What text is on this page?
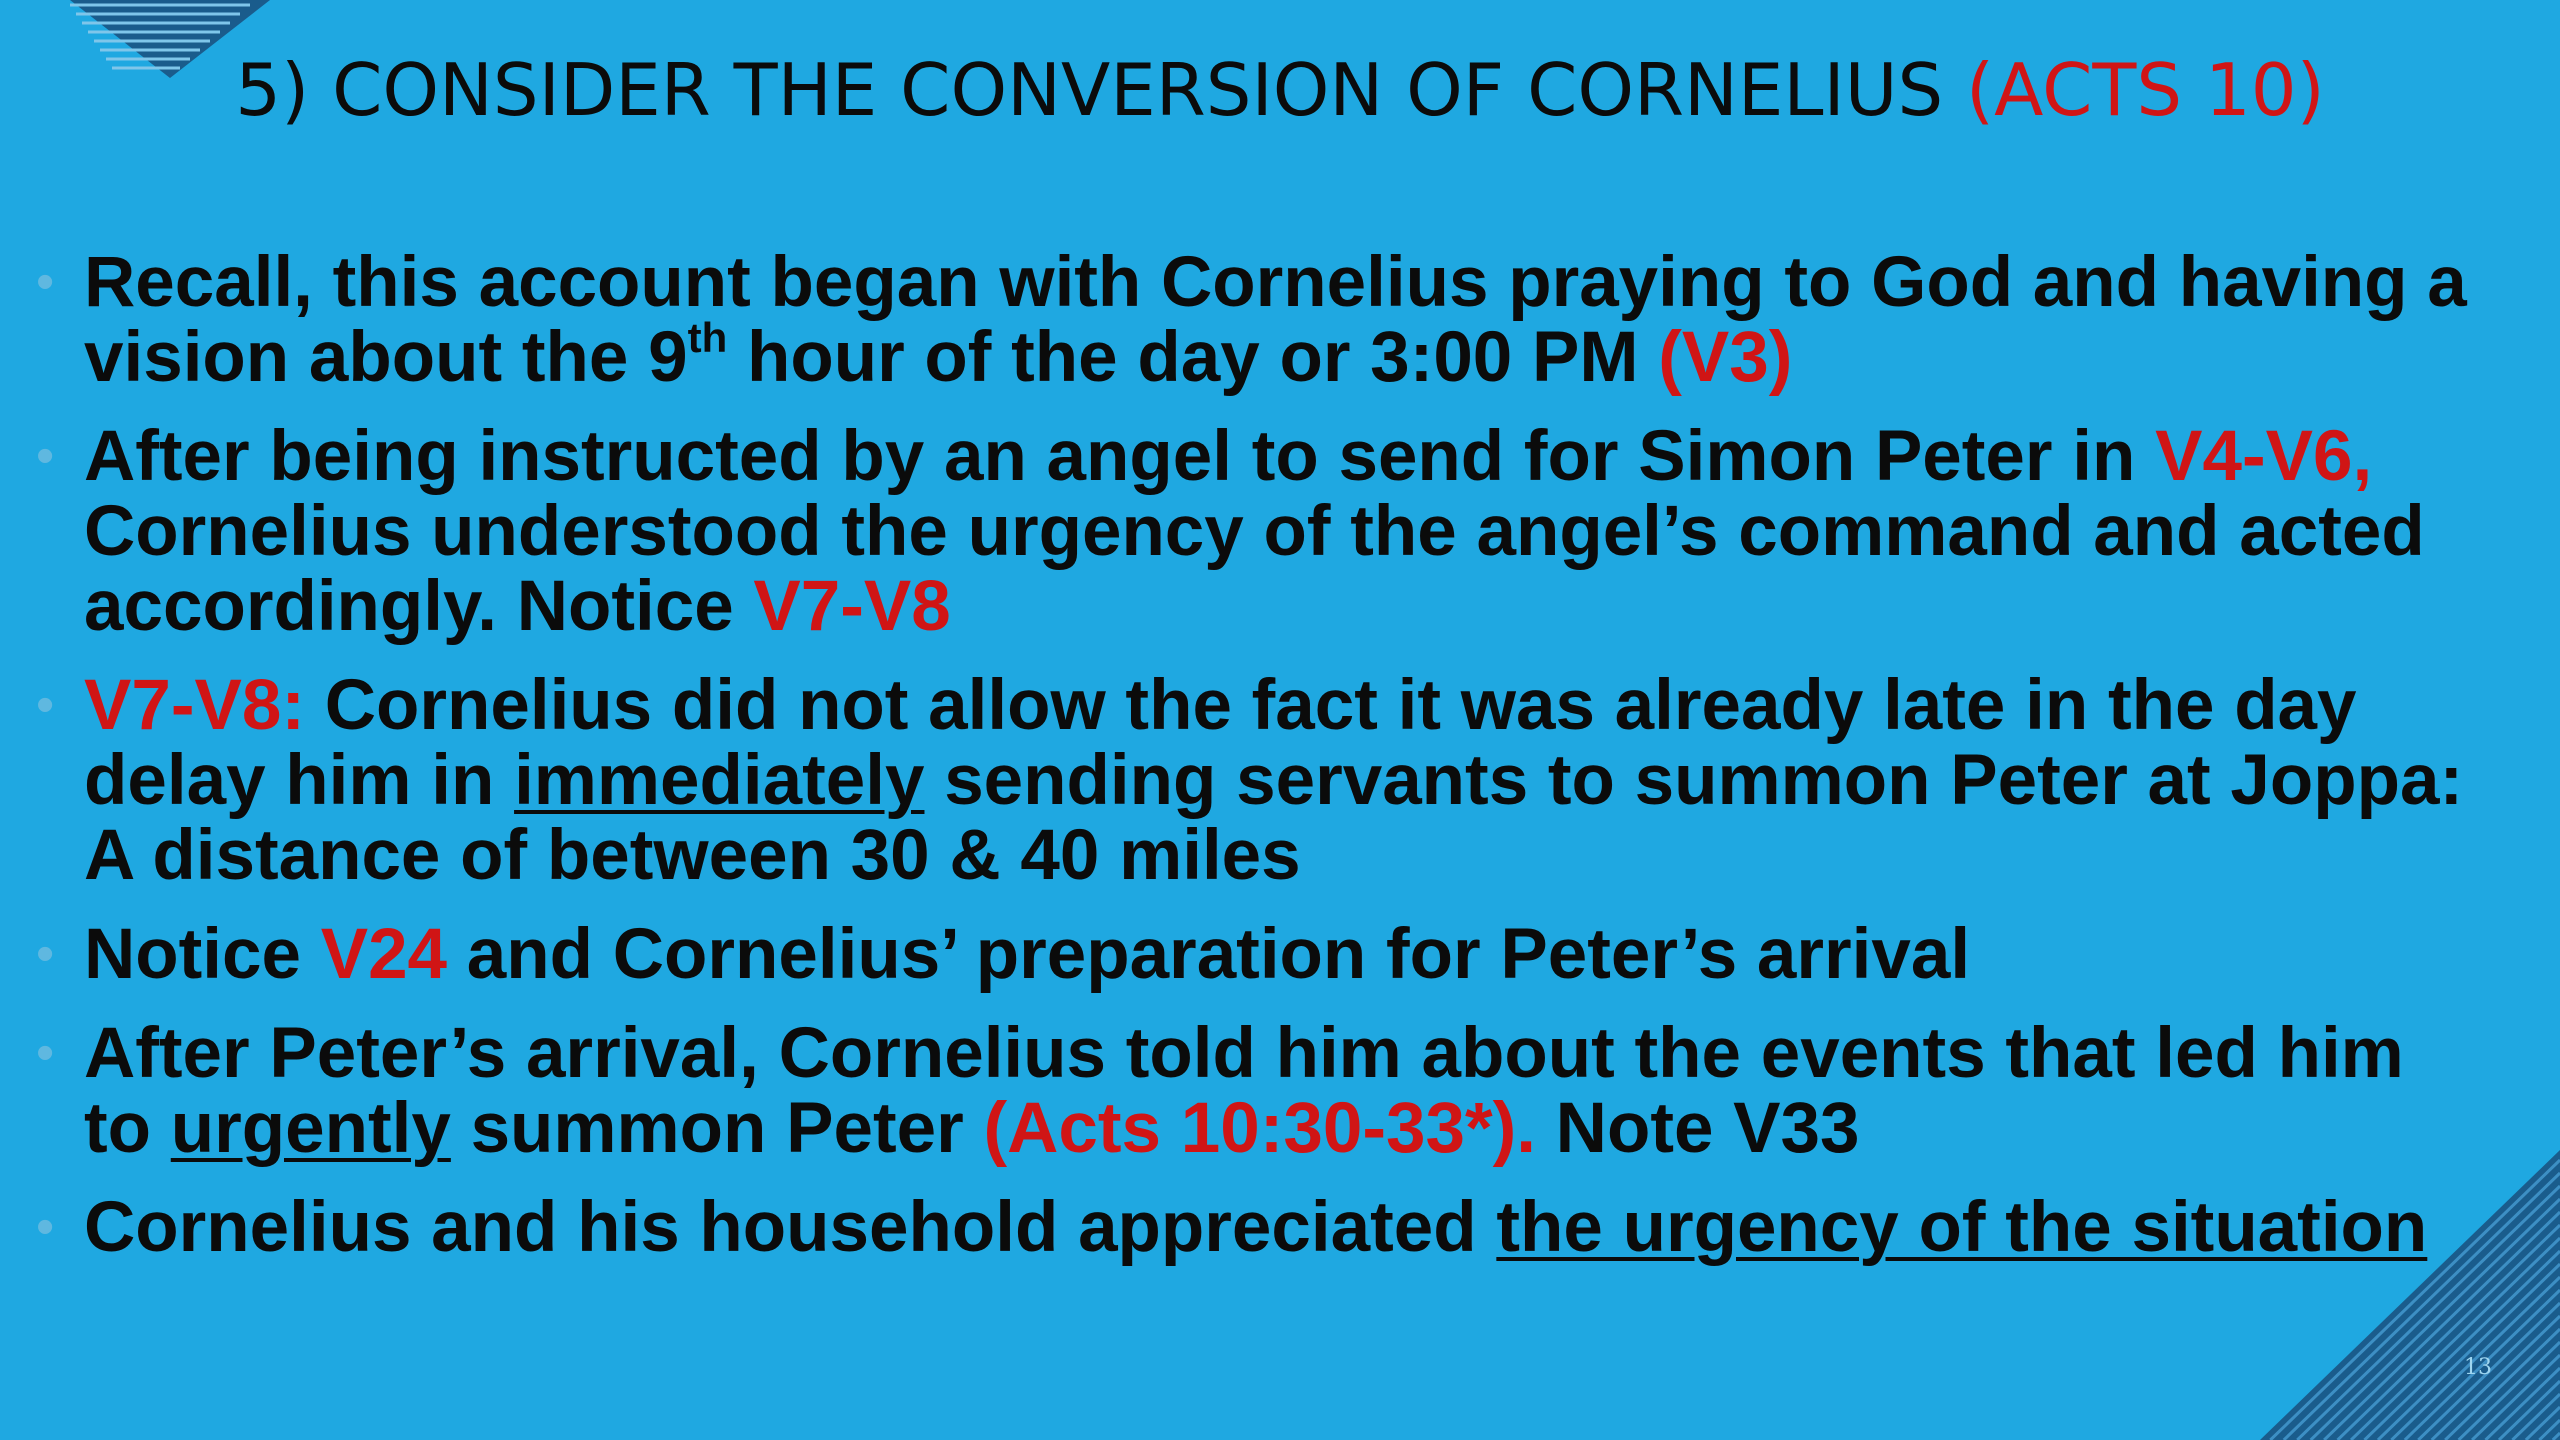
5) CONSIDER THE CONVERSION OF CORNELIUS (ACTS 10)
• Recall, this account began with Cornelius praying to God and having a vision about the 9th hour of the day or 3:00 PM (V3)
• After being instructed by an angel to send for Simon Peter in V4-V6, Cornelius understood the urgency of the angel’s command and acted accordingly. Notice V7-V8
• V7-V8: Cornelius did not allow the fact it was already late in the day delay him in immediately sending servants to summon Peter at Joppa: A distance of between 30 & 40 miles
• Notice V24 and Cornelius’ preparation for Peter’s arrival
• After Peter’s arrival, Cornelius told him about the events that led him to urgently summon Peter (Acts 10:30-33*). Note V33
• Cornelius and his household appreciated the urgency of the situation
13
